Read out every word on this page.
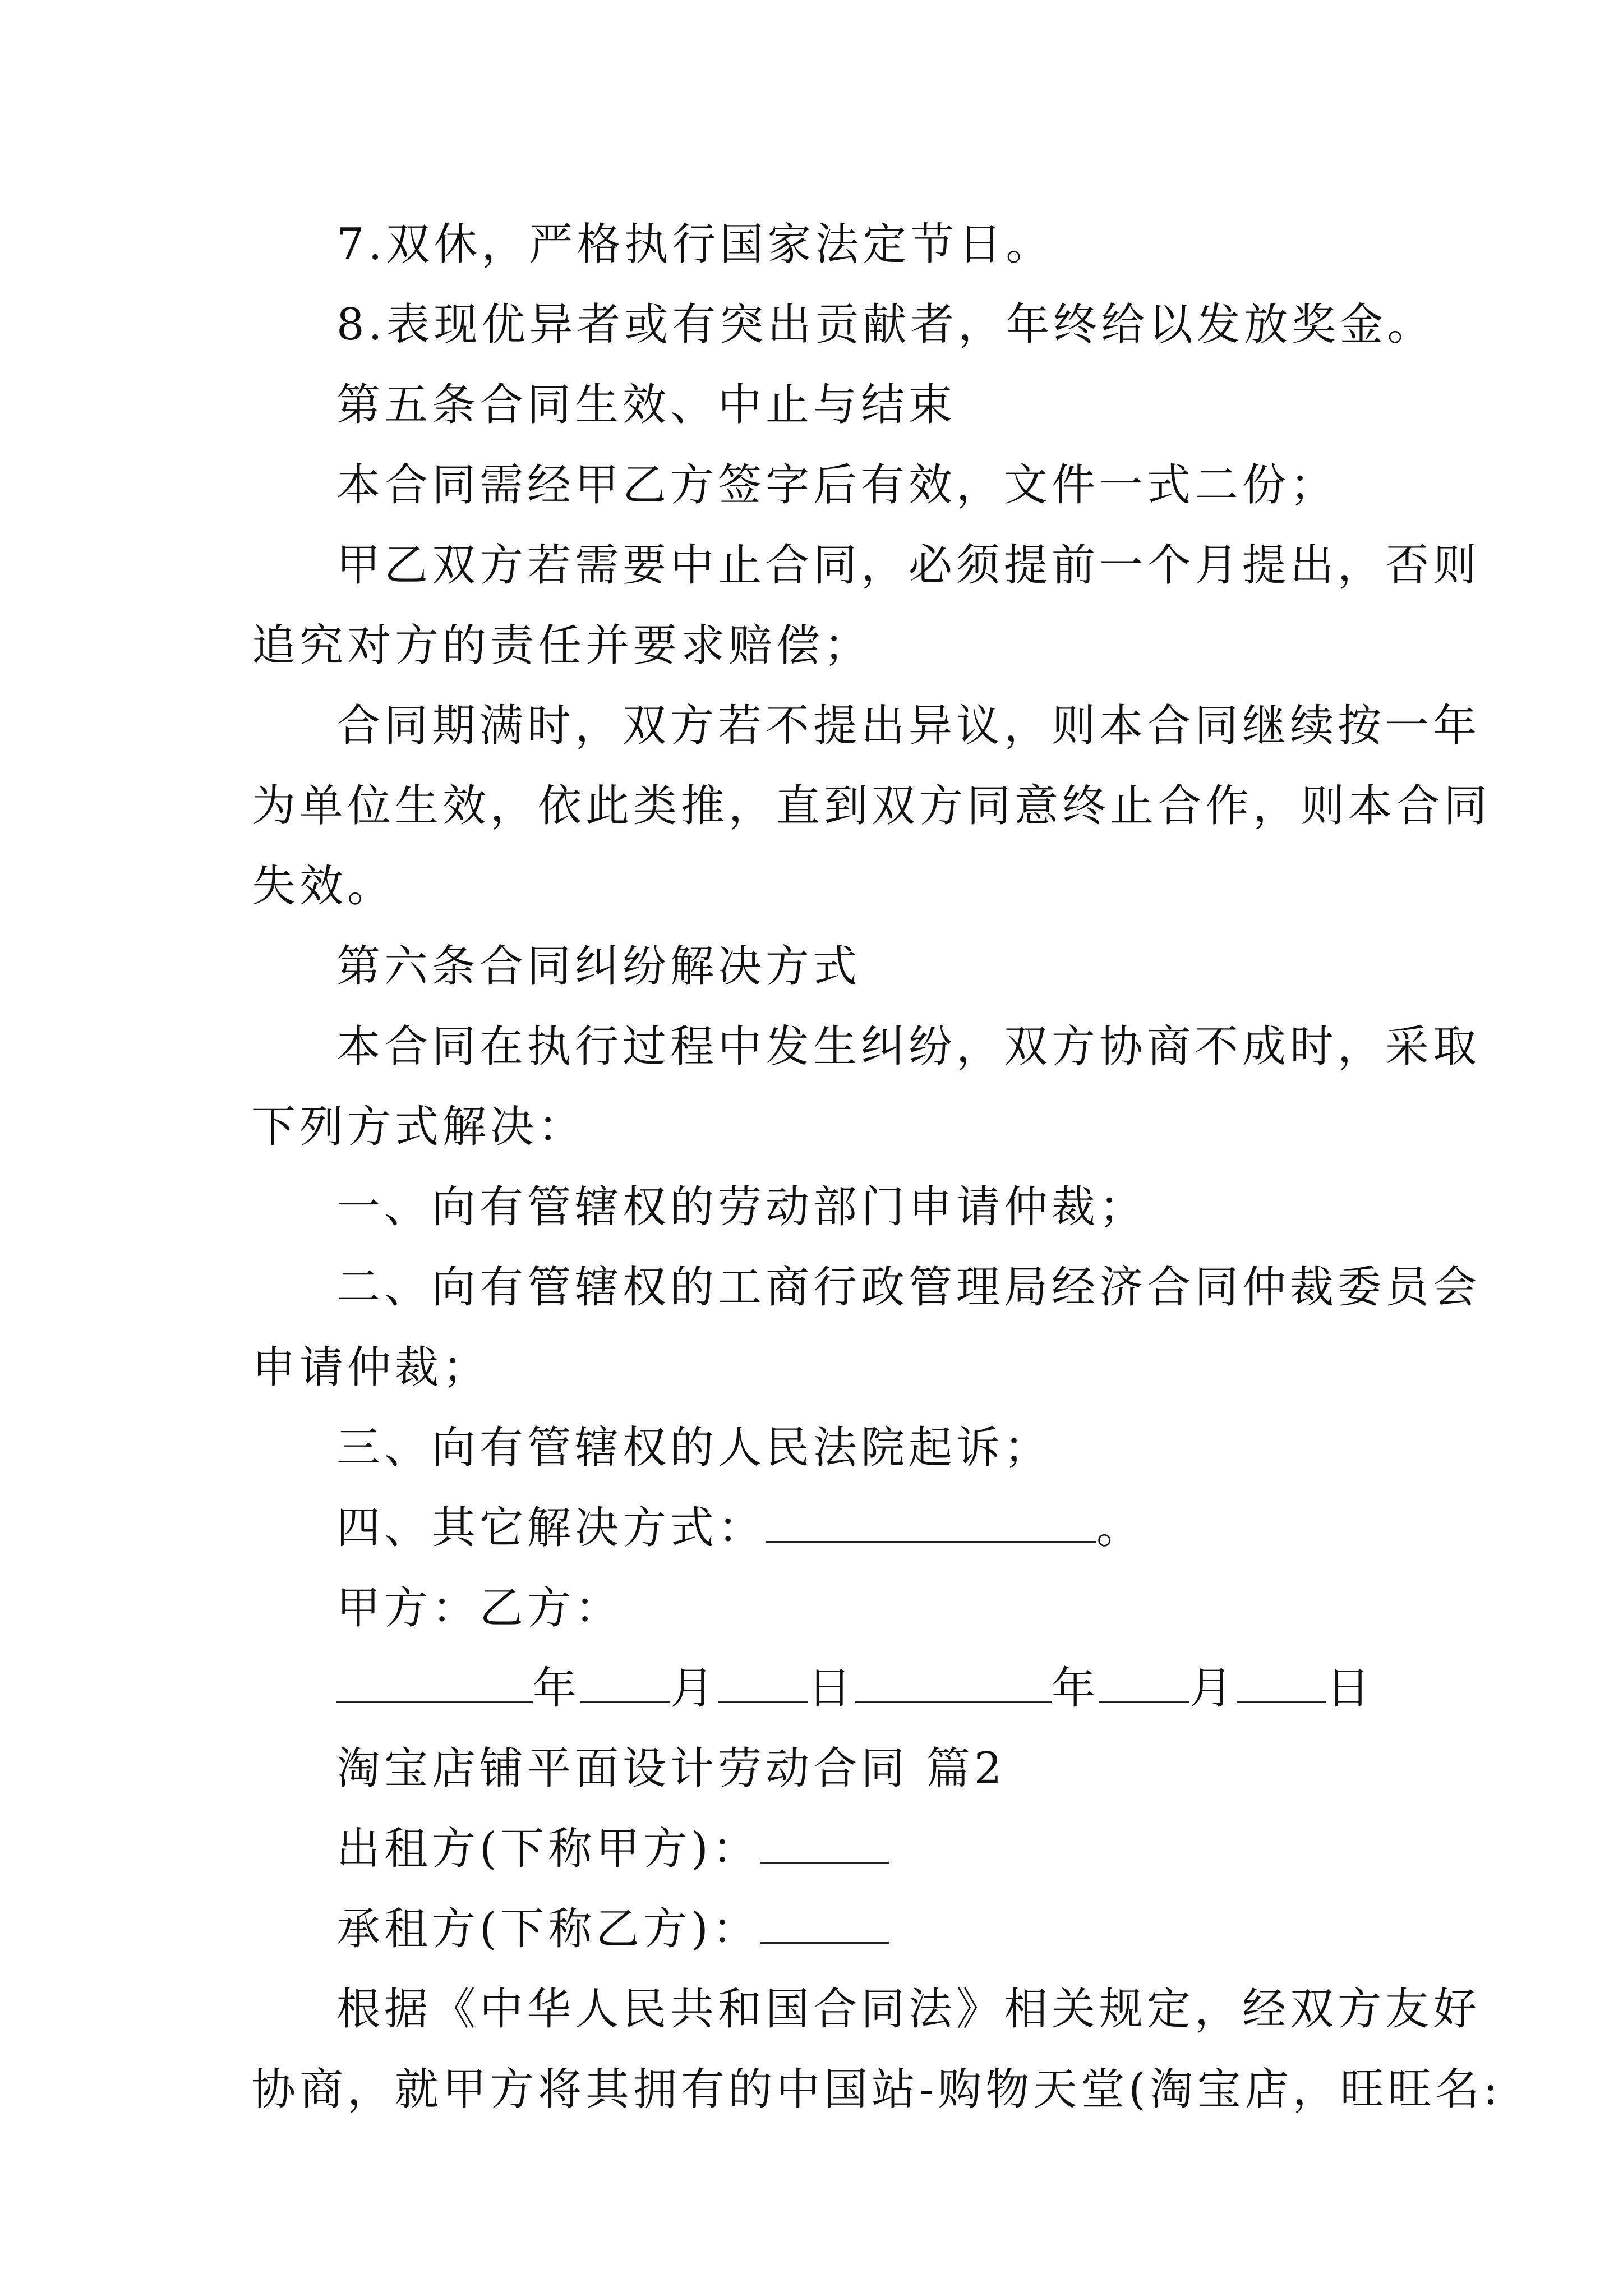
7.双休，严格执行国家法定节日。
8.表现优异者或有突出贡献者，年终给以发放奖金。
第五条合同生效、中止与结束
本合同需经甲乙方签字后有效，文件一式二份；
甲乙双方若需要中止合同，必须提前一个月提出，否则
追究对方的责任并要求赔偿；
合同期满时，双方若不提出异议，则本合同继续按一年
为单位生效，依此类推，直到双方同意终止合作，则本合同
失效。
第六条合同纠纷解决方式
本合同在执行过程中发生纠纷，双方协商不成时，采取
下列方式解决：
一、向有管辖权的劳动部门申请仲裁；
二、向有管辖权的工商行政管理局经济合同仲裁委员会
申请仲裁；
三、向有管辖权的人民法院起诉；
四、其它解决方式：	。
甲方：乙方：
年 月 日	年 月 日
淘宝店铺平面设计劳动合同 篇2
出租方(下称甲方)：
承租方(下称乙方)：
根据《中华人民共和国合同法》相关规定，经双方友好
协商，就甲方将其拥有的中国站-购物天堂(淘宝店，旺旺名:
